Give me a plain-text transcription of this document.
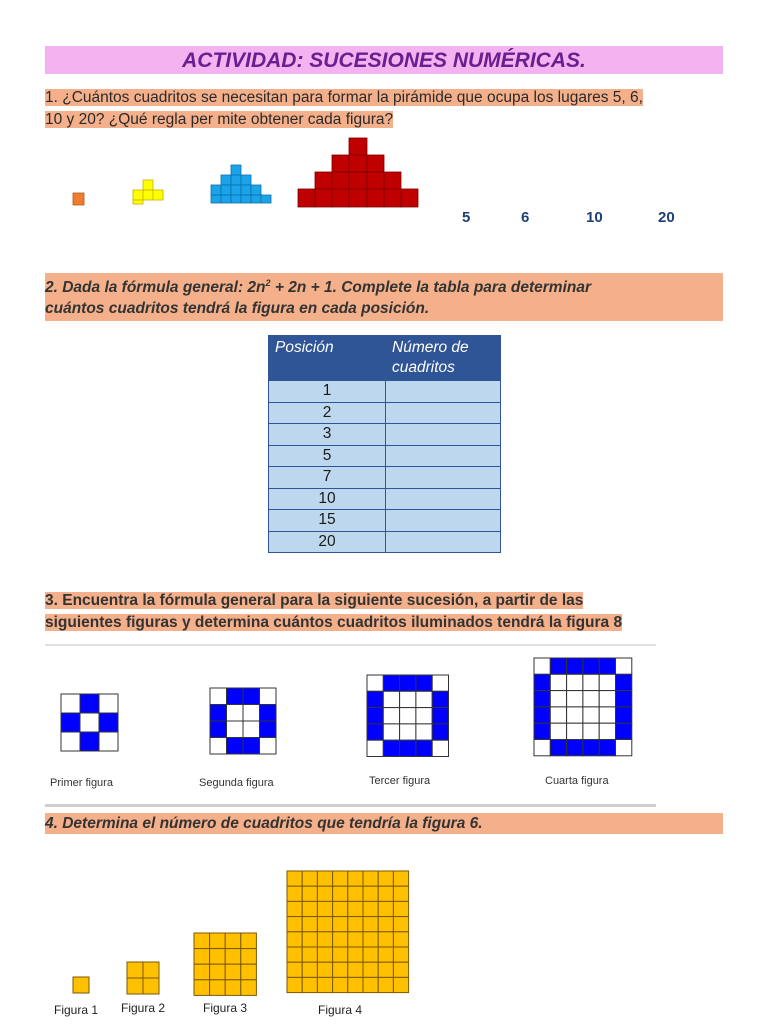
ACTIVIDAD: SUCESIONES NUMÉRICAS.
1. ¿Cuántos cuadritos se necesitan para formar la pirámide que ocupa los lugares 5, 6,
10 y 20? ¿Qué regla per mite obtener cada figura?
5	6	10	20
2. Dada la fórmula general: $2n^2 + 2n + 1$. Complete la tabla para determinar
cuántos cuadritos tendrá la figura en cada posición.
Posición	Número de cuadritos
1	
2	
3	
5	
7	
10	
15	
20	
3. Encuentra la fórmula general para la siguiente sucesión, a partir de las
siguientes figuras y determina cuántos cuadritos iluminados tendrá la figura 8
Primer figura	Segunda figura	Tercer figura	Cuarta figura
4. Determina el número de cuadritos que tendría la figura 6.
Figura 1 Figura 2	Figura 3	Figura 4
